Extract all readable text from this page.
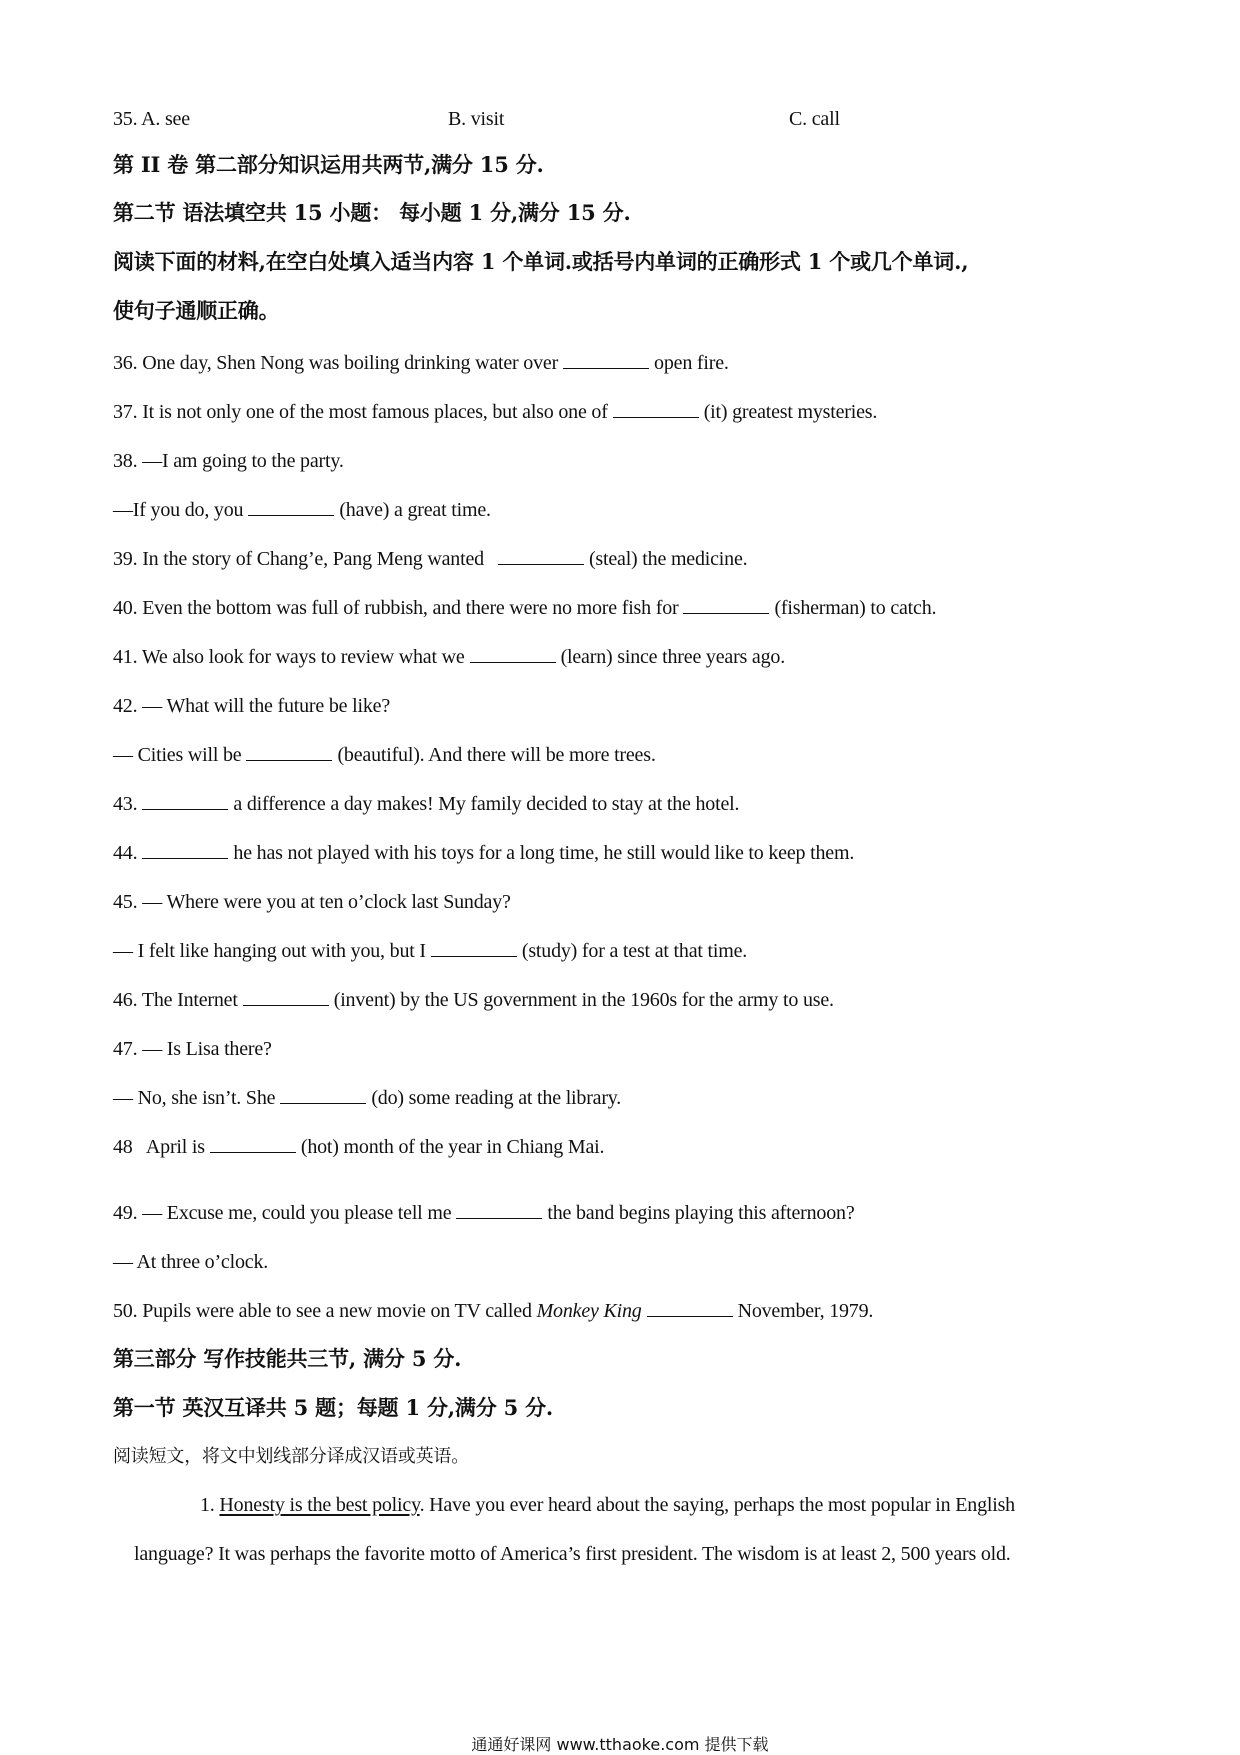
35. A. see	B. visit	C. call
第 II 卷 第二部分知识运用共两节,满分 15 分.
第二节 语法填空共 15 小题： 每小题 1 分,满分 15 分.
阅读下面的材料,在空白处填入适当内容 1 个单词.或括号内单词的正确形式 1 个或几个单词.,
使句子通顺正确。
36. One day, Shen Nong was boiling drinking water over	open fire.
37. It is not only one of the most famous places, but also one of	(it) greatest mysteries.
38. —I am going to the party.
—If you do, you	(have) a great time.
39. In the story of Chang’e, Pang Meng wanted	(steal) the medicine.
40. Even the bottom was full of rubbish, and there were no more fish for	(fisherman) to catch.
41. We also look for ways to review what we	(learn) since three years ago.
42. — What will the future be like?
— Cities will be	(beautiful). And there will be more trees.
43.	a difference a day makes! My family decided to stay at the hotel.
44.	he has not played with his toys for a long time, he still would like to keep them.
45. — Where were you at ten o’clock last Sunday?
— I felt like hanging out with you, but I	(study) for a test at that time.
46. The Internet	(invent) by the US government in the 1960s for the army to use.
47. — Is Lisa there?
— No, she isn’t. She	(do) some reading at the library.
48   April is	(hot) month of the year in Chiang Mai.
49. — Excuse me, could you please tell me	the band begins playing this afternoon?
— At three o’clock.
50. Pupils were able to see a new movie on TV called Monkey King	November, 1979.
第三部分 写作技能共三节, 满分 5 分.
第一节 英汉互译共 5 题；每题 1 分,满分 5 分.
阅读短文，将文中划线部分译成汉语或英语。
1. Honesty is the best policy. Have you ever heard about the saying, perhaps the most popular in English
language? It was perhaps the favorite motto of America’s first president. The wisdom is at least 2, 500 years old.
通通好课网 www.tthaoke.com 提供下载
